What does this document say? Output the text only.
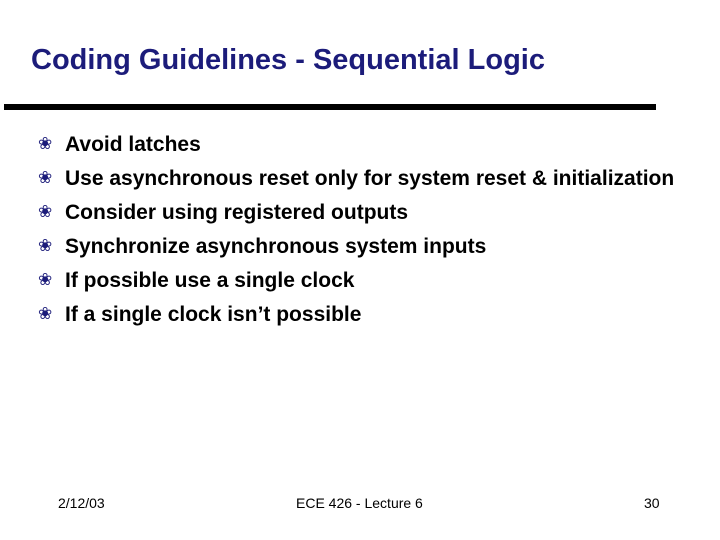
Coding Guidelines - Sequential Logic
❀ Avoid latches
❀ Use asynchronous reset only for system reset & initialization
❀ Consider using registered outputs
❀ Synchronize asynchronous system inputs
❀ If possible use a single clock
❀ If a single clock isn’t possible
2/12/03	ECE 426 - Lecture 6	30
